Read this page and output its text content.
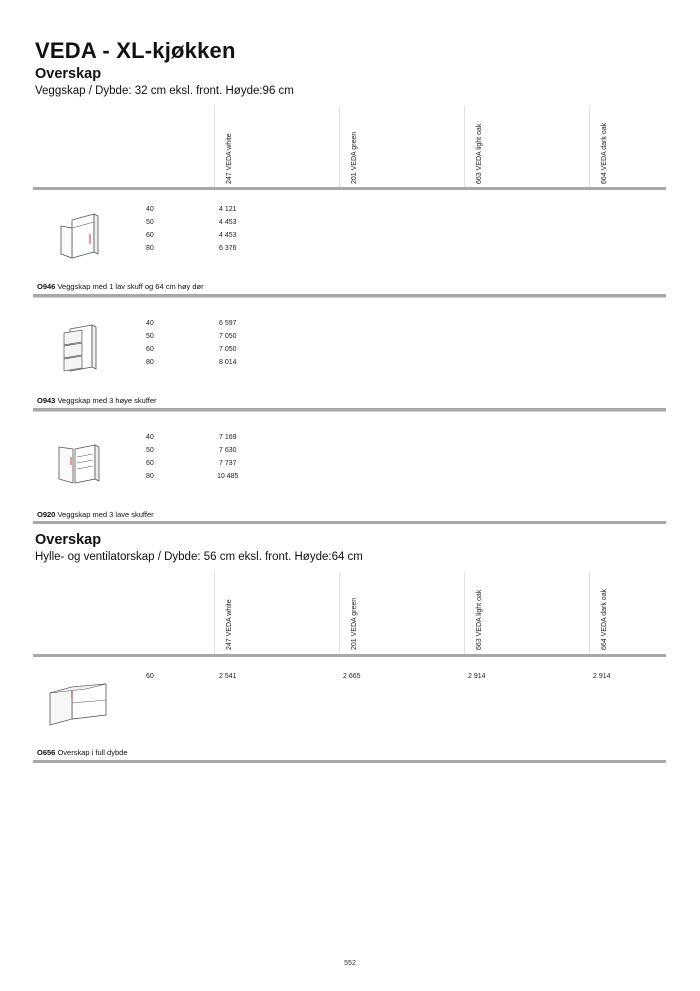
VEDA - XL-kjøkken
Overskap
Veggskap / Dybde: 32 cm eksl. front. Høyde:96 cm
247 VEDA white	201 VEDA green	663 VEDA light oak	664 VEDA dark oak
40	4 121
50	4 453
60	4 453
80	6 376
O946 Veggskap med 1 lav skuff og 64 cm høy dør
40	6 597
50	7 050
60	7 050
80	8 014
O943 Veggskap med 3 høye skuffer
40	7 169
50	7 630
60	7 737
80	10 485
O920 Veggskap med 3 lave skuffer
Overskap
Hylle- og ventilatorskap / Dybde: 56 cm eksl. front. Høyde:64 cm
247 VEDA white	201 VEDA green	663 VEDA light oak	664 VEDA dark oak
60	2 541	2 665	2 914	2 914
O656 Overskap i full dybde
552
